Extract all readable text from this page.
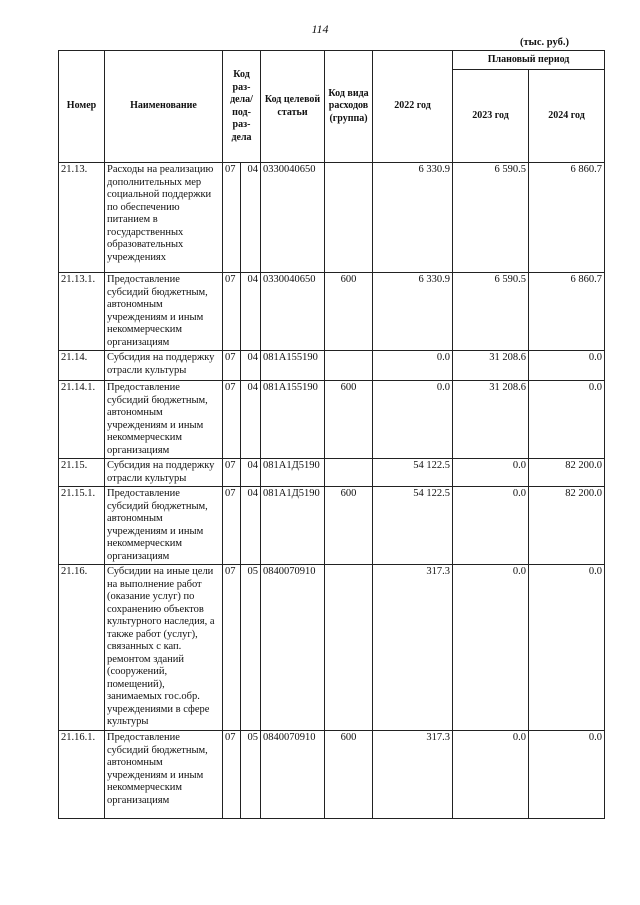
114
(тыс. руб.)
Номер	Наименование	Код раз-дела/ под-раз-дела		Код целевой статьи	Код вида расходов (группа)	2022 год	Плановый период	
							2023 год	2024 год
21.13.	Расходы на реализацию дополнительных мер социальной поддержки по обеспечению питанием в государственных образовательных учреждениях	07	04	0330040650		6 330.9	6 590.5	6 860.7
21.13.1.	Предоставление субсидий бюджетным, автономным учреждениям и иным некоммерческим организациям	07	04	0330040650	600	6 330.9	6 590.5	6 860.7
21.14.	Субсидия на поддержку отрасли культуры	07	04	081A155190		0.0	31 208.6	0.0
21.14.1.	Предоставление субсидий бюджетным, автономным учреждениям и иным некоммерческим организациям	07	04	081A155190	600	0.0	31 208.6	0.0
21.15.	Субсидия на поддержку отрасли культуры	07	04	081A1Д5190		54 122.5	0.0	82 200.0
21.15.1.	Предоставление субсидий бюджетным, автономным учреждениям и иным некоммерческим организациям	07	04	081A1Д5190	600	54 122.5	0.0	82 200.0
21.16.	Субсидии на иные цели на выполнение работ (оказание услуг) по сохранению объектов культурного наследия, а также работ (услуг), связанных с кап. ремонтом зданий (сооружений, помещений), занимаемых гос.обр. учреждениями в сфере культуры	07	05	0840070910		317.3	0.0	0.0
21.16.1.	Предоставление субсидий бюджетным, автономным учреждениям и иным некоммерческим организациям	07	05	0840070910	600	317.3	0.0	0.0
